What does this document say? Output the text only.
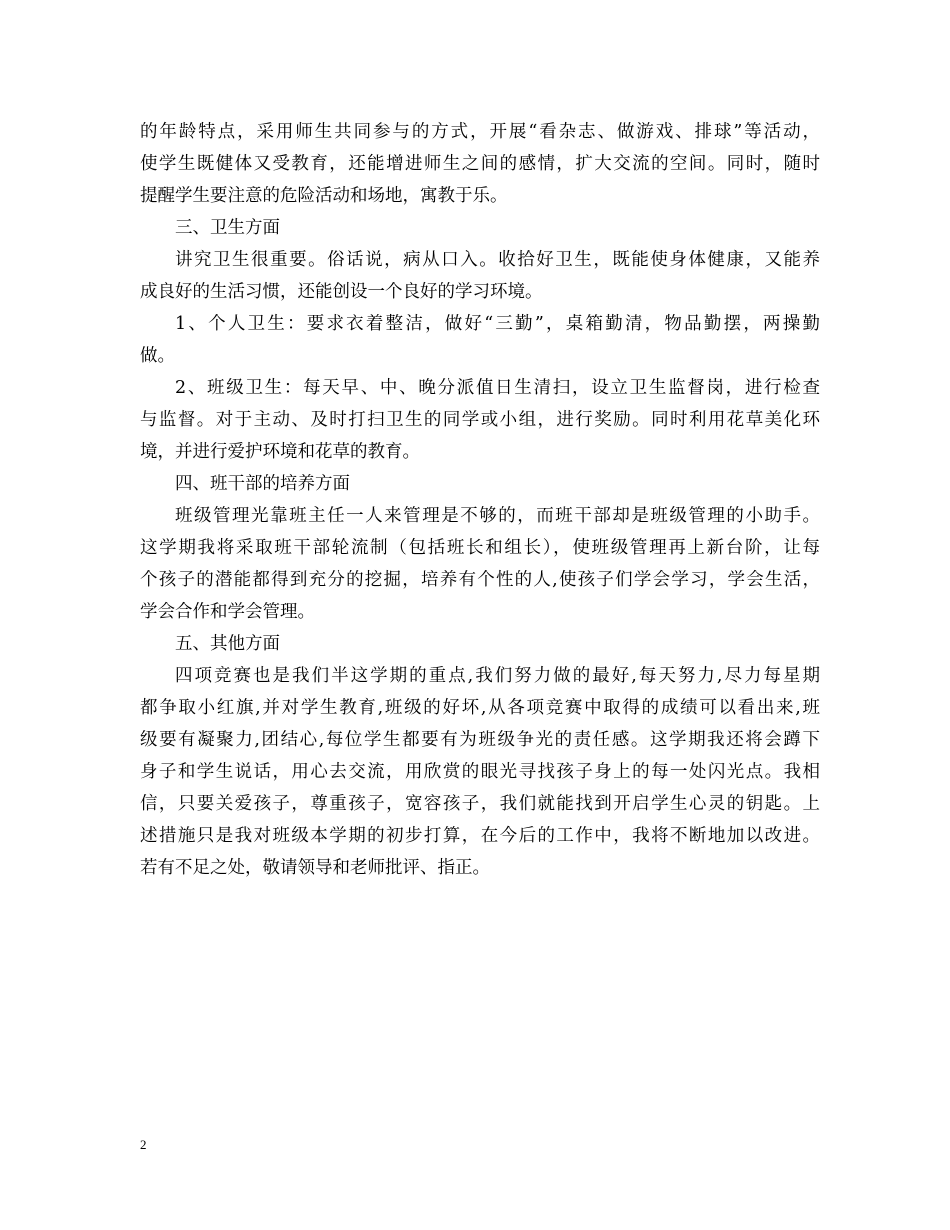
的年龄特点，采用师生共同参与的方式，开展“看杂志、做游戏、排球”等活动，
使学生既健体又受教育，还能增进师生之间的感情，扩大交流的空间。同时，随时
提醒学生要注意的危险活动和场地，寓教于乐。
三、卫生方面
讲究卫生很重要。俗话说，病从口入。收拾好卫生，既能使身体健康，又能养
成良好的生活习惯，还能创设一个良好的学习环境。
1、个人卫生：要求衣着整洁，做好“三勤”，桌箱勤清，物品勤摆，两操勤
做。
2、班级卫生：每天早、中、晚分派值日生清扫，设立卫生监督岗，进行检查
与监督。对于主动、及时打扫卫生的同学或小组，进行奖励。同时利用花草美化环
境，并进行爱护环境和花草的教育。
四、班干部的培养方面
班级管理光靠班主任一人来管理是不够的，而班干部却是班级管理的小助手。
这学期我将采取班干部轮流制（包括班长和组长），使班级管理再上新台阶，让每
个孩子的潜能都得到充分的挖掘，培养有个性的人,使孩子们学会学习，学会生活，
学会合作和学会管理。
五、其他方面
四项竞赛也是我们半这学期的重点,我们努力做的最好,每天努力,尽力每星期
都争取小红旗,并对学生教育,班级的好坏,从各项竞赛中取得的成绩可以看出来,班
级要有凝聚力,团结心,每位学生都要有为班级争光的责任感。这学期我还将会蹲下
身子和学生说话，用心去交流，用欣赏的眼光寻找孩子身上的每一处闪光点。我相
信，只要关爱孩子，尊重孩子，宽容孩子，我们就能找到开启学生心灵的钥匙。上
述措施只是我对班级本学期的初步打算，在今后的工作中，我将不断地加以改进。
若有不足之处，敬请领导和老师批评、指正。
2
